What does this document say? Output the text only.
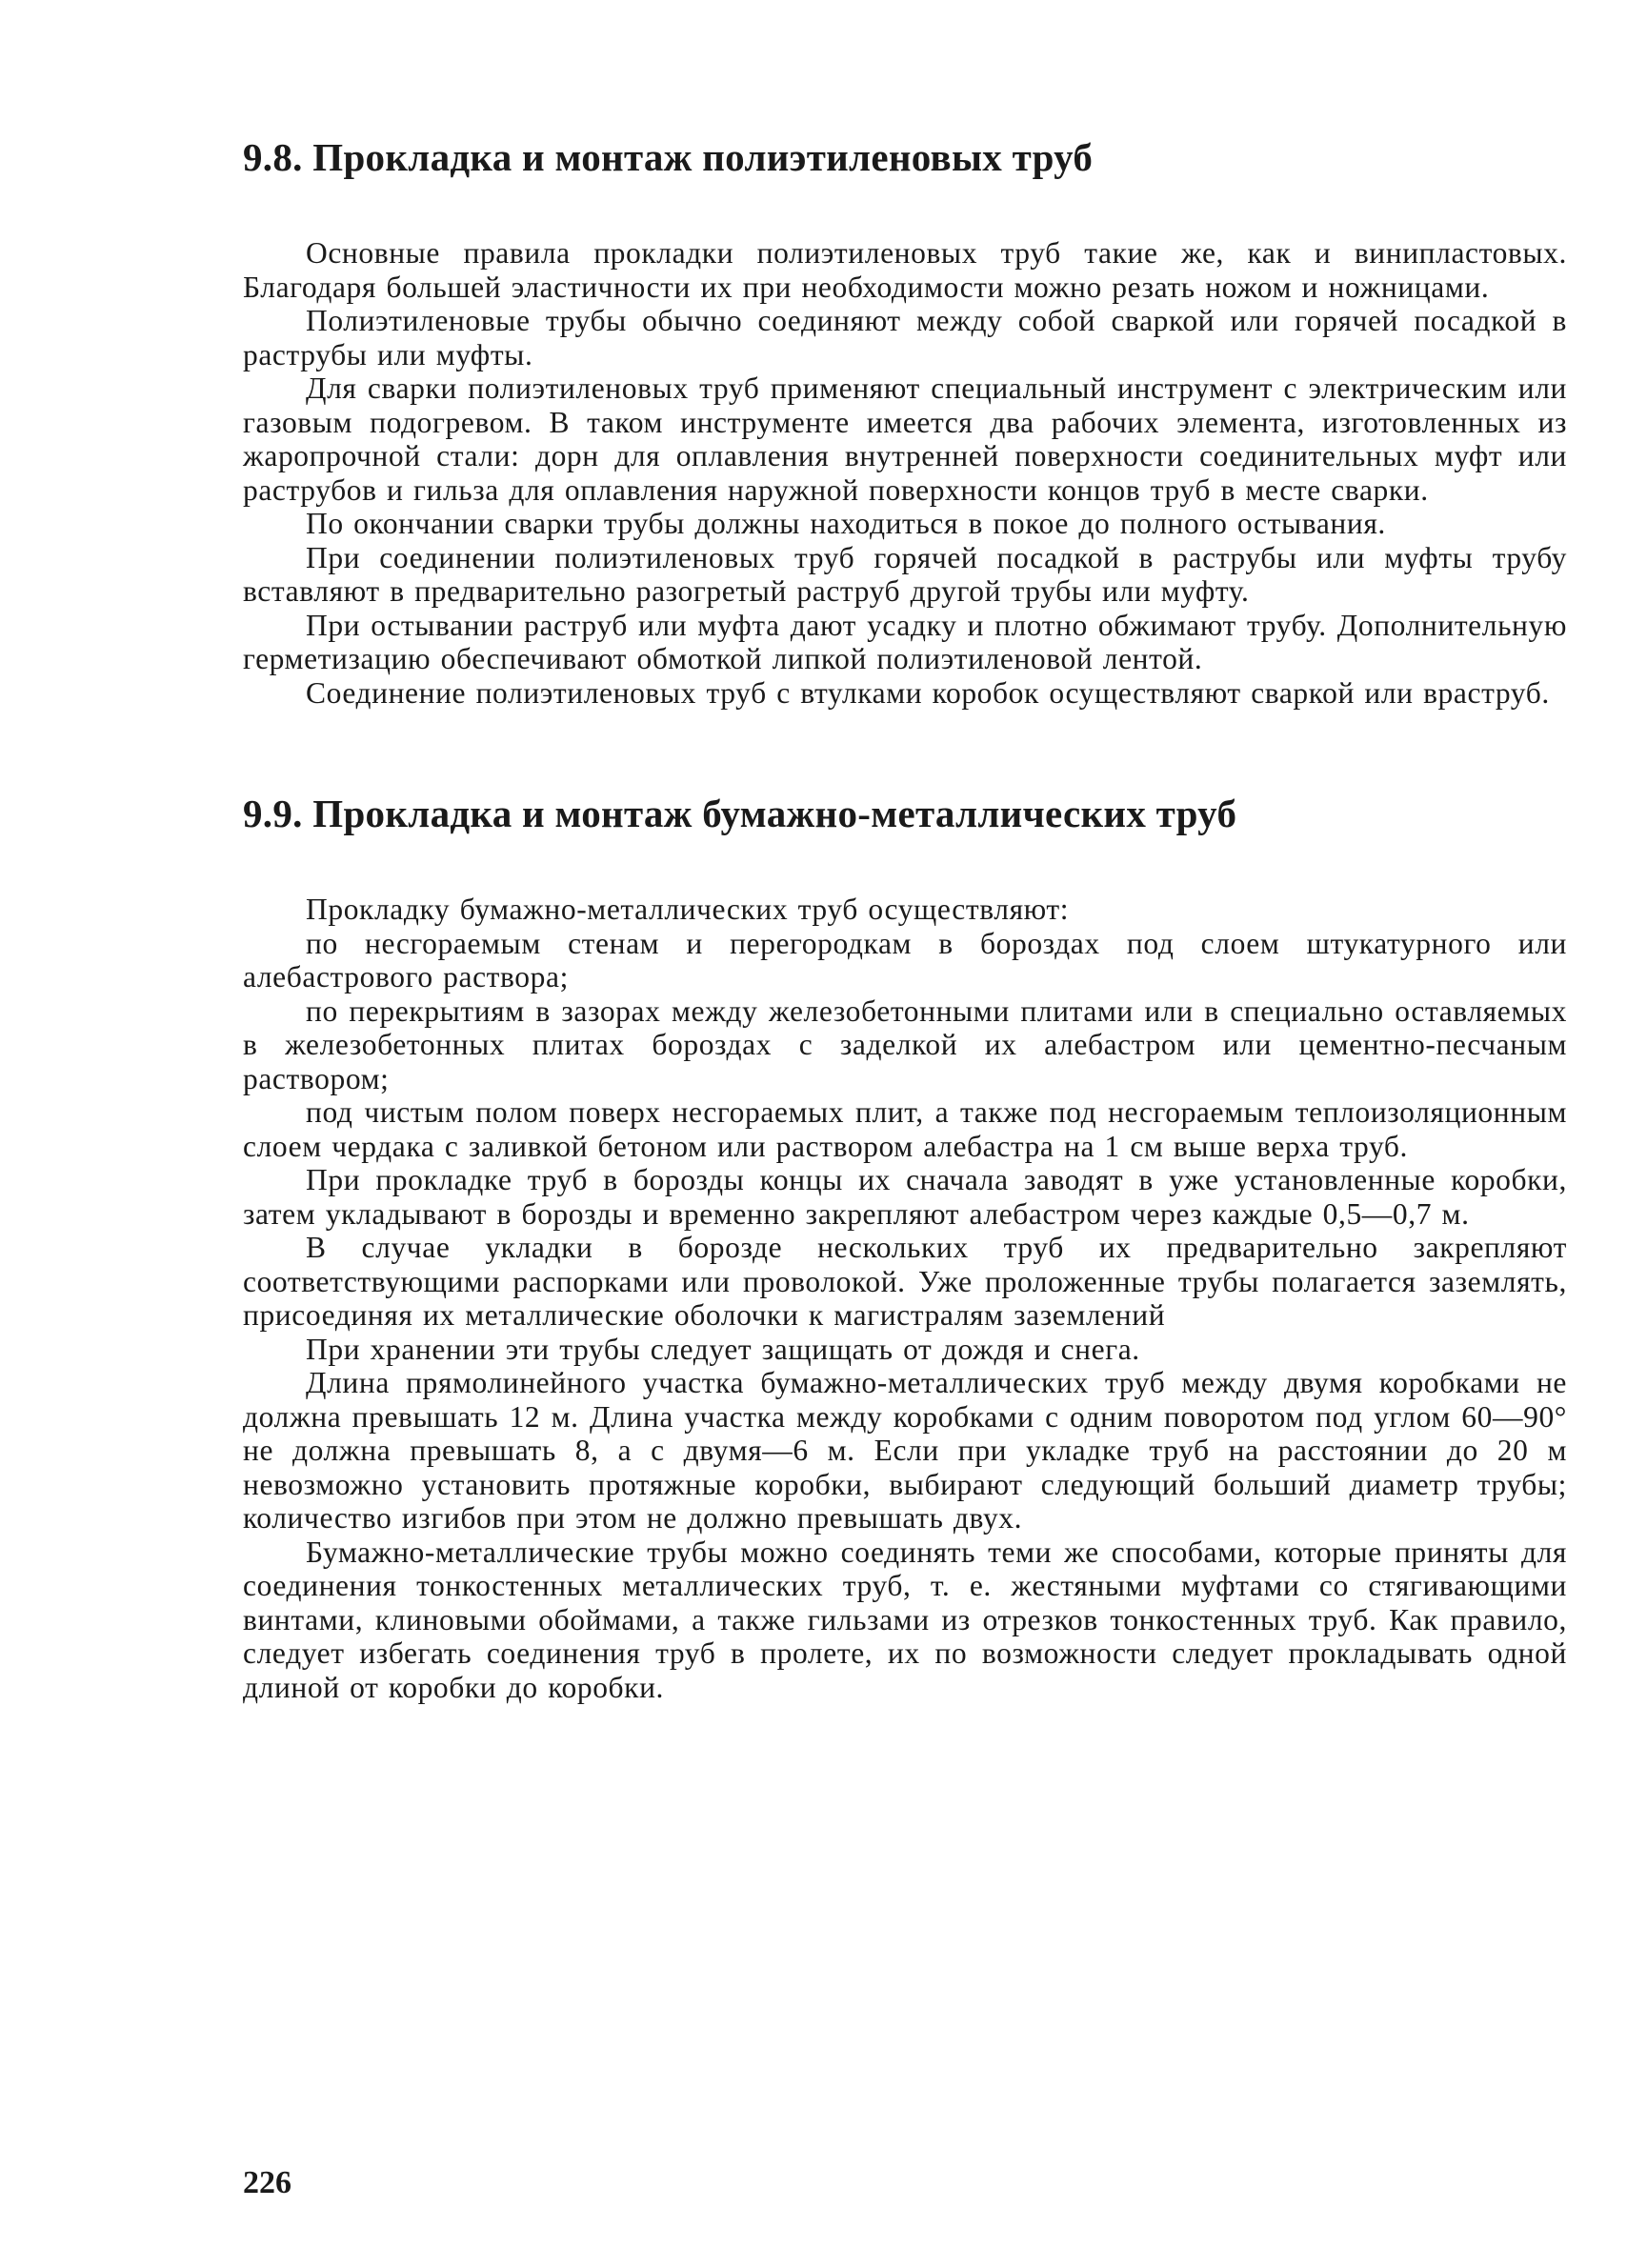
9.8. Прокладка и монтаж полиэтиленовых труб

Основные правила прокладки полиэтиленовых труб такие же, как и винипластовых. Благодаря большей эластичности их при необходимости можно резать ножом и ножницами.

Полиэтиленовые трубы обычно соединяют между собой сваркой или горячей посадкой в раструбы или муфты.

Для сварки полиэтиленовых труб применяют специальный инструмент с электрическим или газовым подогревом. В таком инструменте имеется два рабочих элемента, изготовленных из жаропрочной стали: дорн для оплавления внутренней поверхности соединительных муфт или раструбов и гильза для оплавления наружной поверхности концов труб в месте сварки.

По окончании сварки трубы должны находиться в покое до полного остывания.

При соединении полиэтиленовых труб горячей посадкой в раструбы или муфты трубу вставляют в предварительно разогретый раструб другой трубы или муфту.

При остывании раструб или муфта дают усадку и плотно обжимают трубу. Дополнительную герметизацию обеспечивают обмоткой липкой полиэтиленовой лентой.

Соединение полиэтиленовых труб с втулками коробок осуществляют сваркой или враструб.

9.9. Прокладка и монтаж бумажно-металлических труб

Прокладку бумажно-металлических труб осуществляют:

по несгораемым стенам и перегородкам в бороздах под слоем штукатурного или алебастрового раствора;

по перекрытиям в зазорах между железобетонными плитами или в специально оставляемых в железобетонных плитах бороздах с заделкой их алебастром или цементно-песчаным раствором;

под чистым полом поверх несгораемых плит, а также под несгораемым теплоизоляционным слоем чердака с заливкой бетоном или раствором алебастра на 1 см выше верха труб.

При прокладке труб в борозды концы их сначала заводят в уже установленные коробки, затем укладывают в борозды и временно закрепляют алебастром через каждые 0,5—0,7 м.

В случае укладки в борозде нескольких труб их предварительно закрепляют соответствующими распорками или проволокой. Уже проложенные трубы полагается заземлять, присоединяя их металлические оболочки к магистралям заземлений

При хранении эти трубы следует защищать от дождя и снега.

Длина прямолинейного участка бумажно-металлических труб между двумя коробками не должна превышать 12 м. Длина участка между коробками с одним поворотом под углом 60—90° не должна превышать 8, а с двумя—6 м. Если при укладке труб на расстоянии до 20 м невозможно установить протяжные коробки, выбирают следующий больший диаметр трубы; количество изгибов при этом не должно превышать двух.

Бумажно-металлические трубы можно соединять теми же способами, которые приняты для соединения тонкостенных металлических труб, т. е. жестяными муфтами со стягивающими винтами, клиновыми обоймами, а также гильзами из отрезков тонкостенных труб. Как правило, следует избегать соединения труб в пролете, их по возможности следует прокладывать одной длиной от коробки до коробки.

226
